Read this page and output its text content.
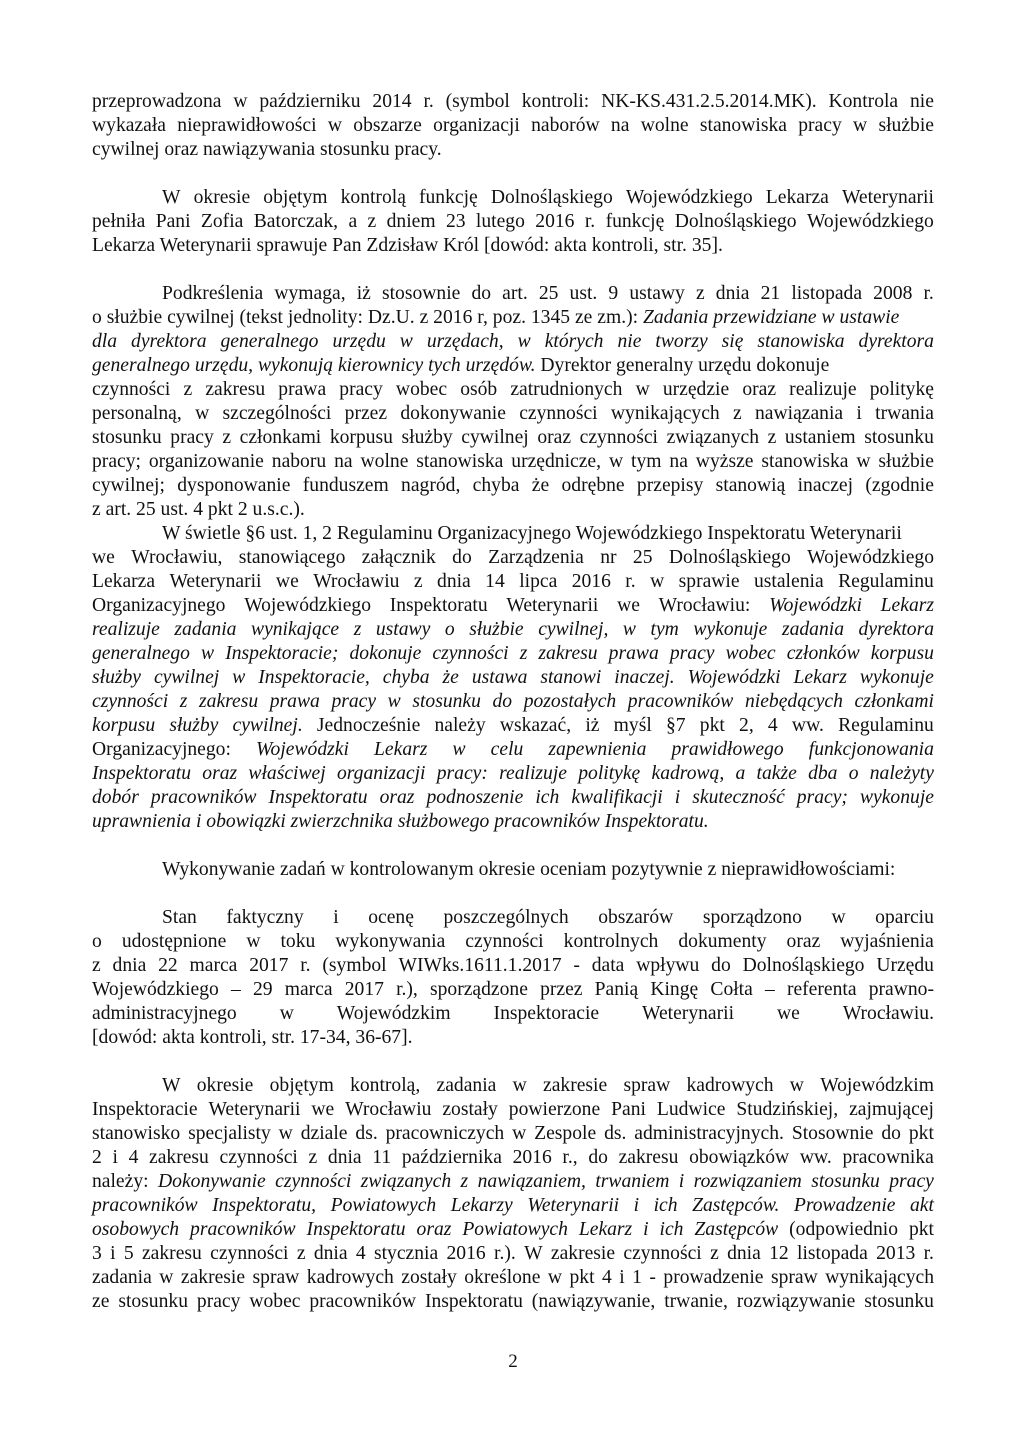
2
przeprowadzona w październiku 2014 r. (symbol kontroli: NK-KS.431.2.5.2014.MK). Kontrola nie
wykazała nieprawidłowości w obszarze organizacji naborów na wolne stanowiska pracy w służbie
cywilnej oraz nawiązywania stosunku pracy.
W okresie objętym kontrolą funkcję Dolnośląskiego Wojewódzkiego Lekarza Weterynarii
pełniła Pani Zofia Batorczak, a z dniem 23 lutego 2016 r. funkcję Dolnośląskiego Wojewódzkiego
Lekarza Weterynarii sprawuje Pan Zdzisław Król [dowód: akta kontroli, str. 35].
Podkreślenia wymaga, iż stosownie do art. 25 ust. 9 ustawy z dnia 21 listopada 2008 r.
o służbie cywilnej (tekst jednolity: Dz.U. z 2016 r, poz. 1345 ze zm.): Zadania przewidziane w ustawie
dla dyrektora generalnego urzędu w urzędach, w których nie tworzy się stanowiska dyrektora
generalnego urzędu, wykonują kierownicy tych urzędów. Dyrektor generalny urzędu dokonuje
czynności z zakresu prawa pracy wobec osób zatrudnionych w urzędzie oraz realizuje politykę
personalną, w szczególności przez dokonywanie czynności wynikających z nawiązania i trwania
stosunku pracy z członkami korpusu służby cywilnej oraz czynności związanych z ustaniem stosunku
pracy; organizowanie naboru na wolne stanowiska urzędnicze, w tym na wyższe stanowiska w służbie
cywilnej; dysponowanie funduszem nagród, chyba że odrębne przepisy stanowią inaczej (zgodnie
z art. 25 ust. 4 pkt 2 u.s.c.).
W świetle §6 ust. 1, 2 Regulaminu Organizacyjnego Wojewódzkiego Inspektoratu Weterynarii
we Wrocławiu, stanowiącego załącznik do Zarządzenia nr 25 Dolnośląskiego Wojewódzkiego
Lekarza Weterynarii we Wrocławiu z dnia 14 lipca 2016 r. w sprawie ustalenia Regulaminu
Organizacyjnego Wojewódzkiego Inspektoratu Weterynarii we Wrocławiu: Wojewódzki Lekarz
realizuje zadania wynikające z ustawy o służbie cywilnej, w tym wykonuje zadania dyrektora
generalnego w Inspektoracie; dokonuje czynności z zakresu prawa pracy wobec członków korpusu
służby cywilnej w Inspektoracie, chyba że ustawa stanowi inaczej. Wojewódzki Lekarz wykonuje
czynności z zakresu prawa pracy w stosunku do pozostałych pracowników niebędących członkami
korpusu służby cywilnej. Jednocześnie należy wskazać, iż myśl §7 pkt 2, 4 ww. Regulaminu
Organizacyjnego: Wojewódzki Lekarz w celu zapewnienia prawidłowego funkcjonowania
Inspektoratu oraz właściwej organizacji pracy: realizuje politykę kadrową, a także dba o należyty
dobór pracowników Inspektoratu oraz podnoszenie ich kwalifikacji i skuteczność pracy; wykonuje
uprawnienia i obowiązki zwierzchnika służbowego pracowników Inspektoratu.
Wykonywanie zadań w kontrolowanym okresie oceniam pozytywnie z nieprawidłowościami:
Stan faktyczny i ocenę poszczególnych obszarów sporządzono w oparciu
o udostępnione w toku wykonywania czynności kontrolnych dokumenty oraz wyjaśnienia
z dnia 22 marca 2017 r. (symbol WIWks.1611.1.2017 - data wpływu do Dolnośląskiego Urzędu
Wojewódzkiego – 29 marca 2017 r.), sporządzone przez Panią Kingę Cołta – referenta prawno-
administracyjnego w Wojewódzkim Inspektoracie Weterynarii we Wrocławiu.
[dowód: akta kontroli, str. 17-34, 36-67].
W okresie objętym kontrolą, zadania w zakresie spraw kadrowych w Wojewódzkim
Inspektoracie Weterynarii we Wrocławiu zostały powierzone Pani Ludwice Studzińskiej, zajmującej
stanowisko specjalisty w dziale ds. pracowniczych w Zespole ds. administracyjnych. Stosownie do pkt
2 i 4 zakresu czynności z dnia 11 października 2016 r., do zakresu obowiązków ww. pracownika
należy: Dokonywanie czynności związanych z nawiązaniem, trwaniem i rozwiązaniem stosunku pracy
pracowników Inspektoratu, Powiatowych Lekarzy Weterynarii i ich Zastępców. Prowadzenie akt
osobowych pracowników Inspektoratu oraz Powiatowych Lekarz i ich Zastępców (odpowiednio pkt
3 i 5 zakresu czynności z dnia 4 stycznia 2016 r.). W zakresie czynności z dnia 12 listopada 2013 r.
zadania w zakresie spraw kadrowych zostały określone w pkt 4 i 1 - prowadzenie spraw wynikających
ze stosunku pracy wobec pracowników Inspektoratu (nawiązywanie, trwanie, rozwiązywanie stosunku
